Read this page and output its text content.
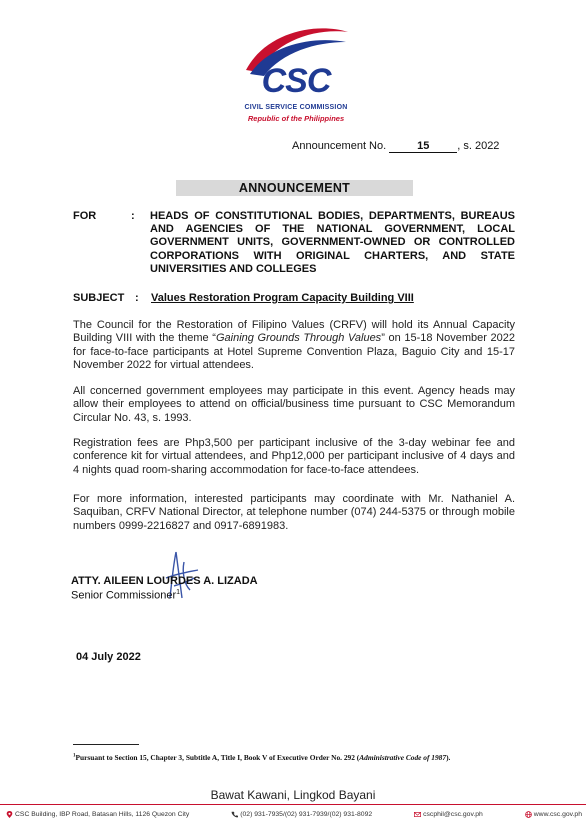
CSC
CIVIL SERVICE COMMISSION
Republic of the Philippines
Announcement No.	15	, s. 2022
ANNOUNCEMENT
FOR	: HEADS OF CONSTITUTIONAL BODIES, DEPARTMENTS, BUREAUS AND AGENCIES OF THE NATIONAL GOVERNMENT, LOCAL GOVERNMENT UNITS, GOVERNMENT-OWNED OR CONTROLLED CORPORATIONS WITH ORIGINAL CHARTERS, AND STATE UNIVERSITIES AND COLLEGES
SUBJECT : Values Restoration Program Capacity Building VIII
The Council for the Restoration of Filipino Values (CRFV) will hold its Annual Capacity Building VIII with the theme “Gaining Grounds Through Values” on 15-18 November 2022 for face-to-face participants at Hotel Supreme Convention Plaza, Baguio City and 15-17 November 2022 for virtual attendees.
All concerned government employees may participate in this event. Agency heads may allow their employees to attend on official/business time pursuant to CSC Memorandum Circular No. 43, s. 1993.
Registration fees are Php3,500 per participant inclusive of the 3-day webinar fee and conference kit for virtual attendees, and Php12,000 per participant inclusive of 4 days and 4 nights quad room-sharing accommodation for face-to-face attendees.
For more information, interested participants may coordinate with Mr. Nathaniel A. Saquiban, CRFV National Director, at telephone number (074) 244-5375 or through mobile numbers 0999-2216827 and 0917-6891983.
ATTY. AILEEN LOURDES A. LIZADA
Senior Commissioner$^1$
04 July 2022
$^1$Pursuant to Section 15, Chapter 3, Subtitle A, Title I, Book V of Executive Order No. 292 (Administrative Code of 1987).
Bawat Kawani, Lingkod Bayani
CSC Building, IBP Road, Batasan Hills, 1126 Quezon City	(02) 931-7935/(02) 931-7939/(02) 931-8092	cscphil@csc.gov.ph	www.csc.gov.ph
